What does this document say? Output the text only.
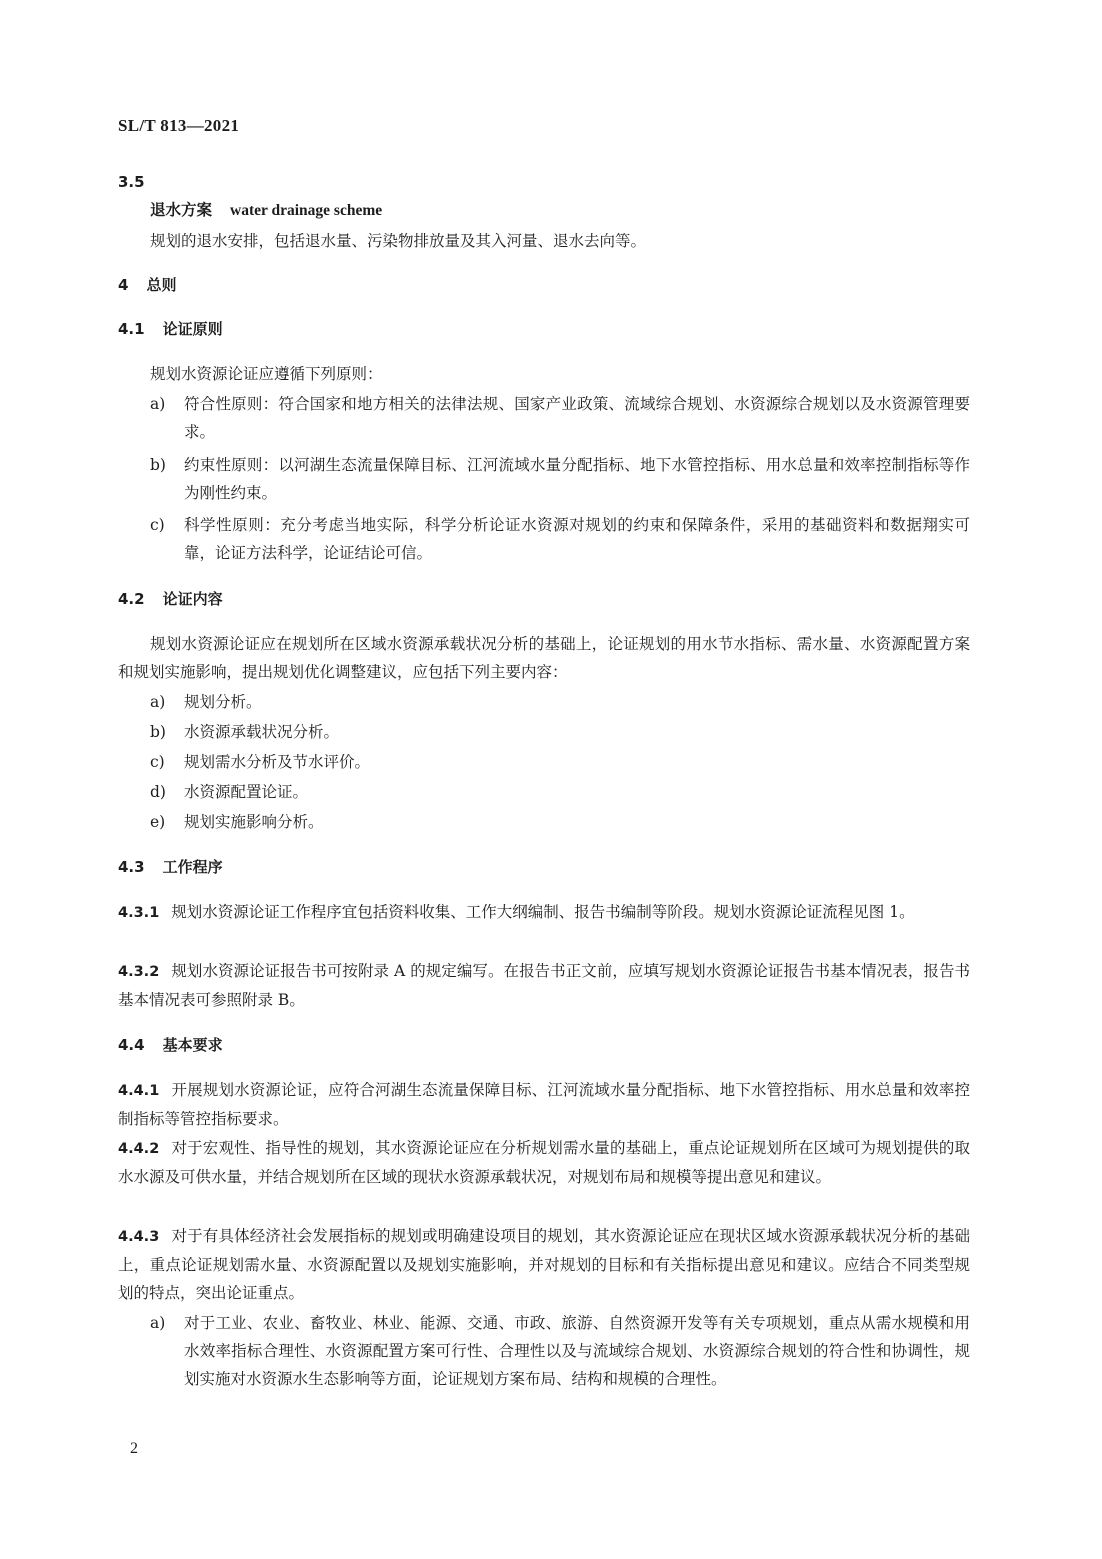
SL/T 813—2021
3.5
退水方案 water drainage scheme
规划的退水安排，包括退水量、污染物排放量及其入河量、退水去向等。
4 总则
4.1 论证原则
规划水资源论证应遵循下列原则：
a)	符合性原则：符合国家和地方相关的法律法规、国家产业政策、流域综合规划、水资源综合规划以及水资源管理要求。
b)	约束性原则：以河湖生态流量保障目标、江河流域水量分配指标、地下水管控指标、用水总量和效率控制指标等作为刚性约束。
c)	科学性原则：充分考虑当地实际，科学分析论证水资源对规划的约束和保障条件，采用的基础资料和数据翔实可靠，论证方法科学，论证结论可信。
4.2 论证内容
规划水资源论证应在规划所在区域水资源承载状况分析的基础上，论证规划的用水节水指标、需水量、水资源配置方案和规划实施影响，提出规划优化调整建议，应包括下列主要内容：
a)	规划分析。
b)	水资源承载状况分析。
c)	规划需水分析及节水评价。
d)	水资源配置论证。
e)	规划实施影响分析。
4.3 工作程序
4.3.1 规划水资源论证工作程序宜包括资料收集、工作大纲编制、报告书编制等阶段。规划水资源论证流程见图 1。
4.3.2 规划水资源论证报告书可按附录 A 的规定编写。在报告书正文前，应填写规划水资源论证报告书基本情况表，报告书基本情况表可参照附录 B。
4.4 基本要求
4.4.1 开展规划水资源论证，应符合河湖生态流量保障目标、江河流域水量分配指标、地下水管控指标、用水总量和效率控制指标等管控指标要求。
4.4.2 对于宏观性、指导性的规划，其水资源论证应在分析规划需水量的基础上，重点论证规划所在区域可为规划提供的取水水源及可供水量，并结合规划所在区域的现状水资源承载状况，对规划布局和规模等提出意见和建议。
4.4.3 对于有具体经济社会发展指标的规划或明确建设项目的规划，其水资源论证应在现状区域水资源承载状况分析的基础上，重点论证规划需水量、水资源配置以及规划实施影响，并对规划的目标和有关指标提出意见和建议。应结合不同类型规划的特点，突出论证重点。
a)	对于工业、农业、畜牧业、林业、能源、交通、市政、旅游、自然资源开发等有关专项规划，重点从需水规模和用水效率指标合理性、水资源配置方案可行性、合理性以及与流域综合规划、水资源综合规划的符合性和协调性，规划实施对水资源水生态影响等方面，论证规划方案布局、结构和规模的合理性。
2
